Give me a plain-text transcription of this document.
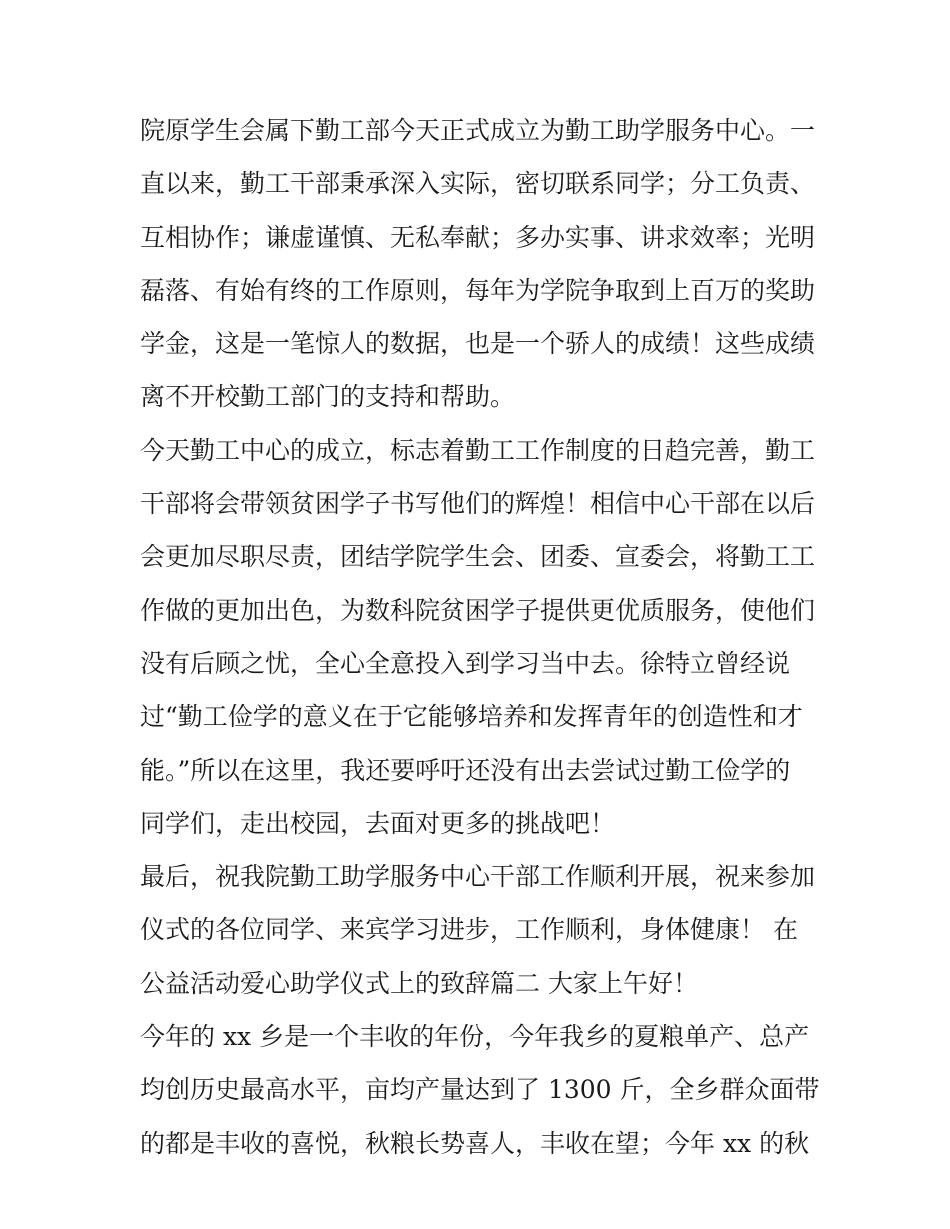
院原学生会属下勤工部今天正式成立为勤工助学服务中心。一
直以来，勤工干部秉承深入实际，密切联系同学；分工负责、
互相协作；谦虚谨慎、无私奉献；多办实事、讲求效率；光明
磊落、有始有终的工作原则，每年为学院争取到上百万的奖助
学金，这是一笔惊人的数据，也是一个骄人的成绩！这些成绩
离不开校勤工部门的支持和帮助。
今天勤工中心的成立，标志着勤工工作制度的日趋完善，勤工
干部将会带领贫困学子书写他们的辉煌！相信中心干部在以后
会更加尽职尽责，团结学院学生会、团委、宣委会，将勤工工
作做的更加出色，为数科院贫困学子提供更优质服务，使他们
没有后顾之忧，全心全意投入到学习当中去。徐特立曾经说
过“勤工俭学的意义在于它能够培养和发挥青年的创造性和才
能。”所以在这里，我还要呼吁还没有出去尝试过勤工俭学的
同学们，走出校园，去面对更多的挑战吧！
最后，祝我院勤工助学服务中心干部工作顺利开展，祝来参加
仪式的各位同学、来宾学习进步，工作顺利，身体健康！ 在
公益活动爱心助学仪式上的致辞篇二 大家上午好！
今年的 xx 乡是一个丰收的年份，今年我乡的夏粮单产、总产
均创历史最高水平，亩均产量达到了 1300 斤，全乡群众面带
的都是丰收的喜悦，秋粮长势喜人，丰收在望；今年 xx 的秋
